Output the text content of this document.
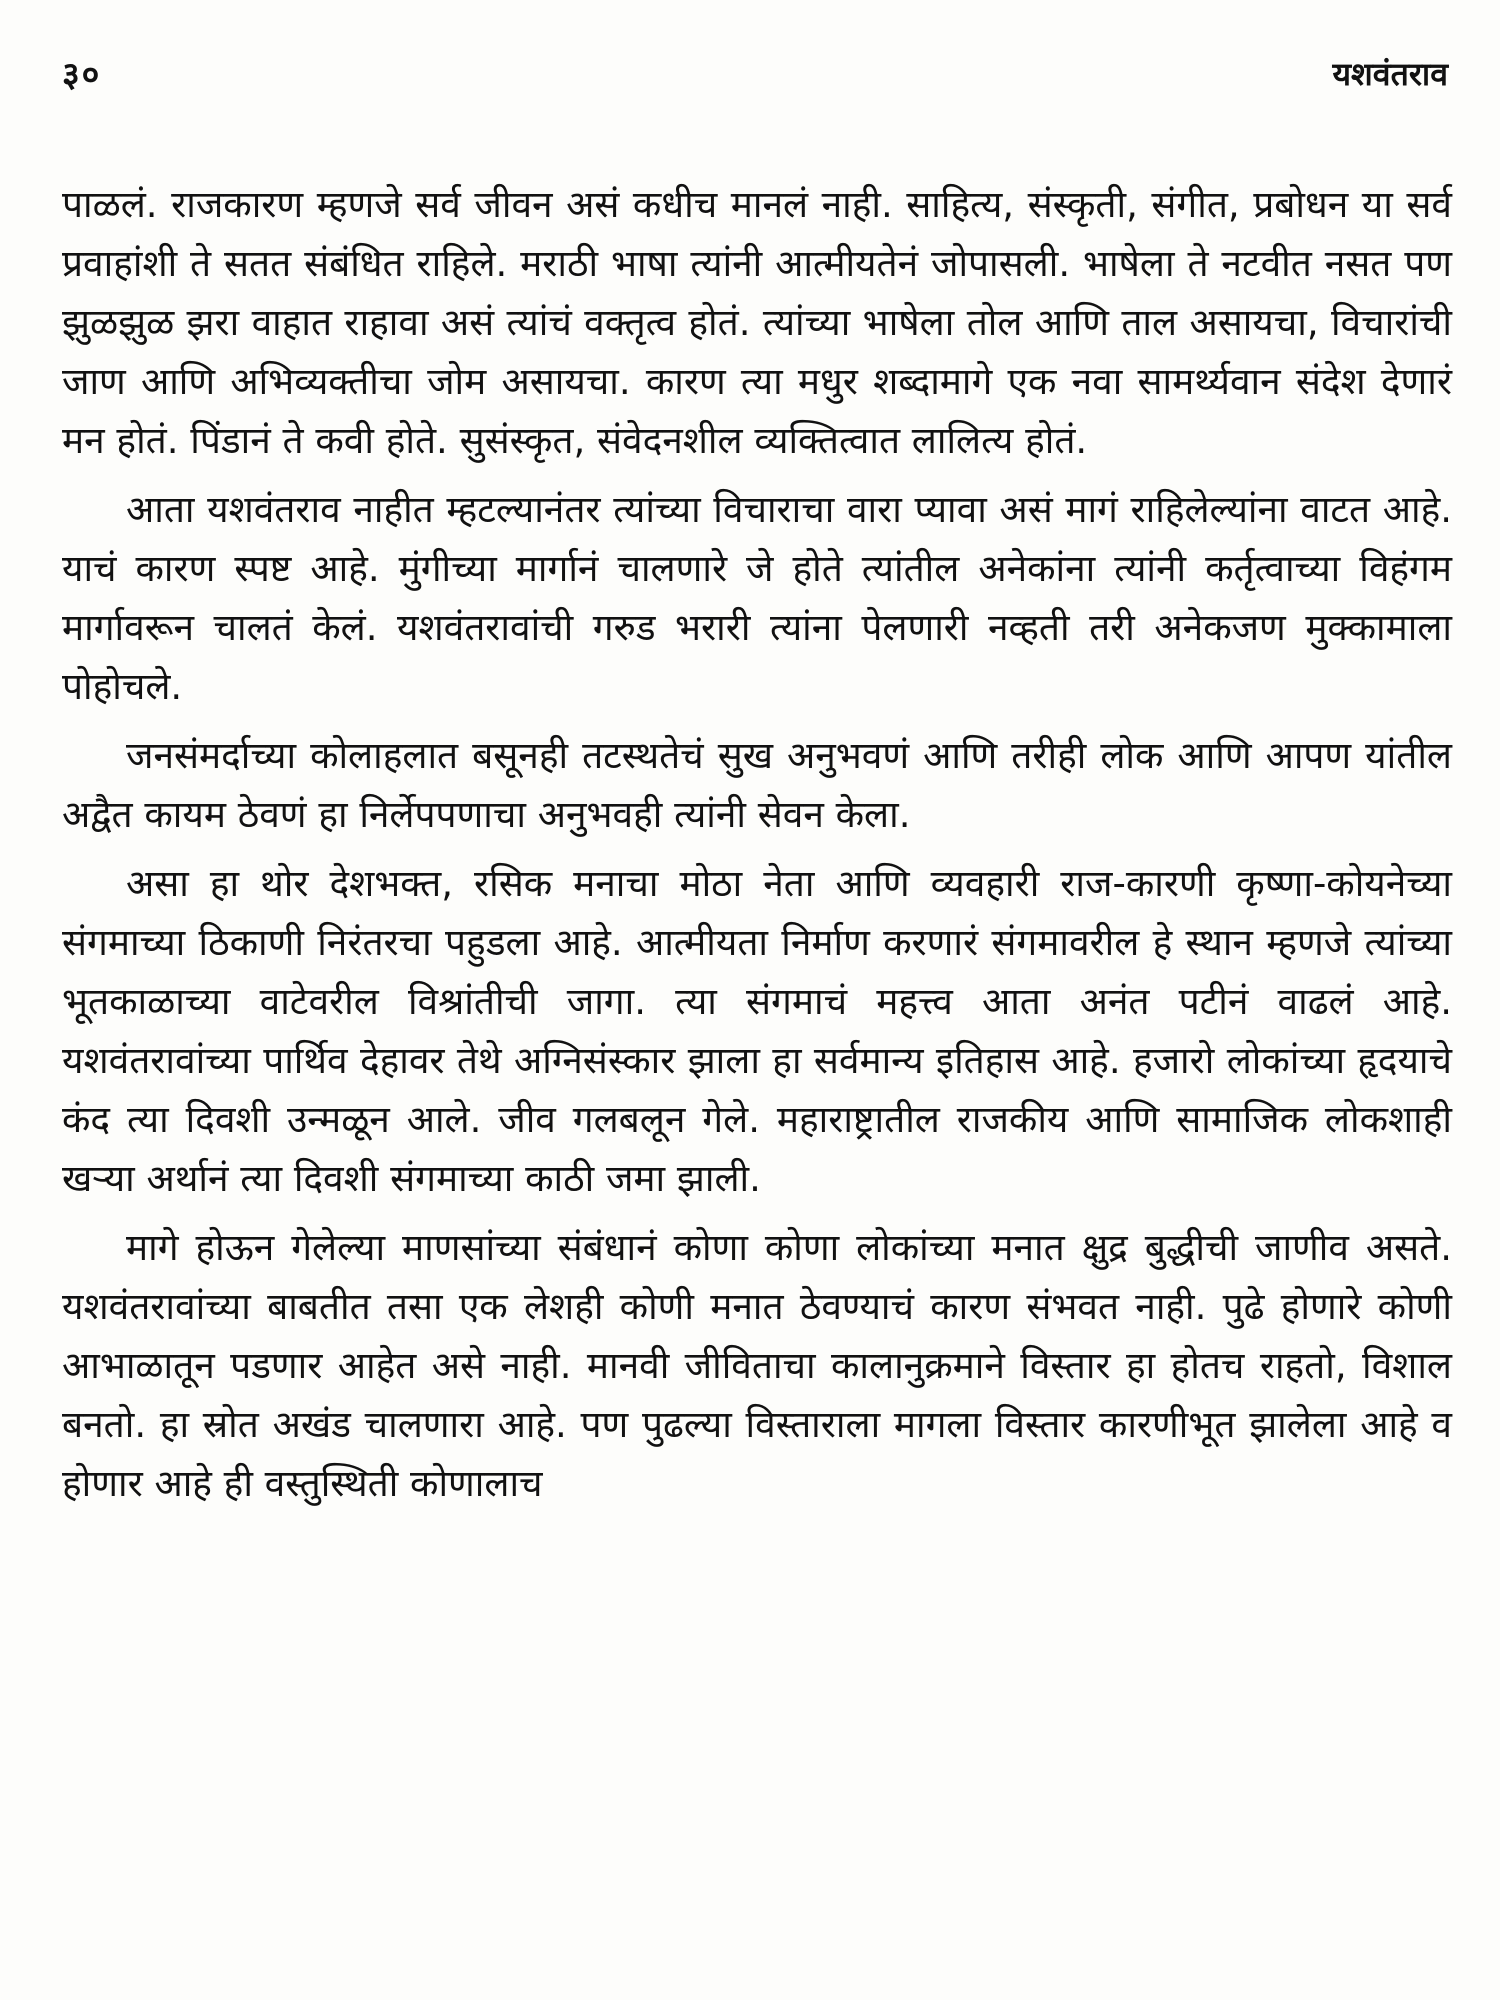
३०	यशवंतराव

पाळलं. राजकारण म्हणजे सर्व जीवन असं कधीच मानलं नाही. साहित्य, संस्कृती, संगीत, प्रबोधन या सर्व प्रवाहांशी ते सतत संबंधित राहिले. मराठी भाषा त्यांनी आत्मीयतेनं जोपासली. भाषेला ते नटवीत नसत पण झुळझुळ झरा वाहात राहावा असं त्यांचं वक्तृत्व होतं. त्यांच्या भाषेला तोल आणि ताल असायचा, विचारांची जाण आणि अभिव्यक्तीचा जोम असायचा. कारण त्या मधुर शब्दामागे एक नवा सामर्थ्यवान संदेश देणारं मन होतं. पिंडानं ते कवी होते. सुसंस्कृत, संवेदनशील व्यक्तित्वात लालित्य होतं.

आता यशवंतराव नाहीत म्हटल्यानंतर त्यांच्या विचाराचा वारा प्यावा असं मागं राहिलेल्यांना वाटत आहे. याचं कारण स्पष्ट आहे. मुंगीच्या मार्गानं चालणारे जे होते त्यांतील अनेकांना त्यांनी कर्तृत्वाच्या विहंगम मार्गावरून चालतं केलं. यशवंतरावांची गरुड भरारी त्यांना पेलणारी नव्हती तरी अनेकजण मुक्कामाला पोहोचले.

जनसंमर्दाच्या कोलाहलात बसूनही तटस्थतेचं सुख अनुभवणं आणि तरीही लोक आणि आपण यांतील अद्वैत कायम ठेवणं हा निर्लेपपणाचा अनुभवही त्यांनी सेवन केला.

असा हा थोर देशभक्त, रसिक मनाचा मोठा नेता आणि व्यवहारी राज-कारणी कृष्णा-कोयनेच्या संगमाच्या ठिकाणी निरंतरचा पहुडला आहे. आत्मीयता निर्माण करणारं संगमावरील हे स्थान म्हणजे त्यांच्या भूतकाळाच्या वाटेवरील विश्रांतीची जागा. त्या संगमाचं महत्त्व आता अनंत पटीनं वाढलं आहे. यशवंतरावांच्या पार्थिव देहावर तेथे अग्निसंस्कार झाला हा सर्वमान्य इतिहास आहे. हजारो लोकांच्या हृदयाचे कंद त्या दिवशी उन्मळून आले. जीव गलबलून गेले. महाराष्ट्रातील राजकीय आणि सामाजिक लोकशाही खऱ्या अर्थानं त्या दिवशी संगमाच्या काठी जमा झाली.

मागे होऊन गेलेल्या माणसांच्या संबंधानं कोणा कोणा लोकांच्या मनात क्षुद्र बुद्धीची जाणीव असते. यशवंतरावांच्या बाबतीत तसा एक लेशही कोणी मनात ठेवण्याचं कारण संभवत नाही. पुढे होणारे कोणी आभाळातून पडणार आहेत असे नाही. मानवी जीविताचा कालानुक्रमाने विस्तार हा होतच राहतो, विशाल बनतो. हा स्रोत अखंड चालणारा आहे. पण पुढल्या विस्ताराला मागला विस्तार कारणीभूत झालेला आहे व होणार आहे ही वस्तुस्थिती कोणालाच
